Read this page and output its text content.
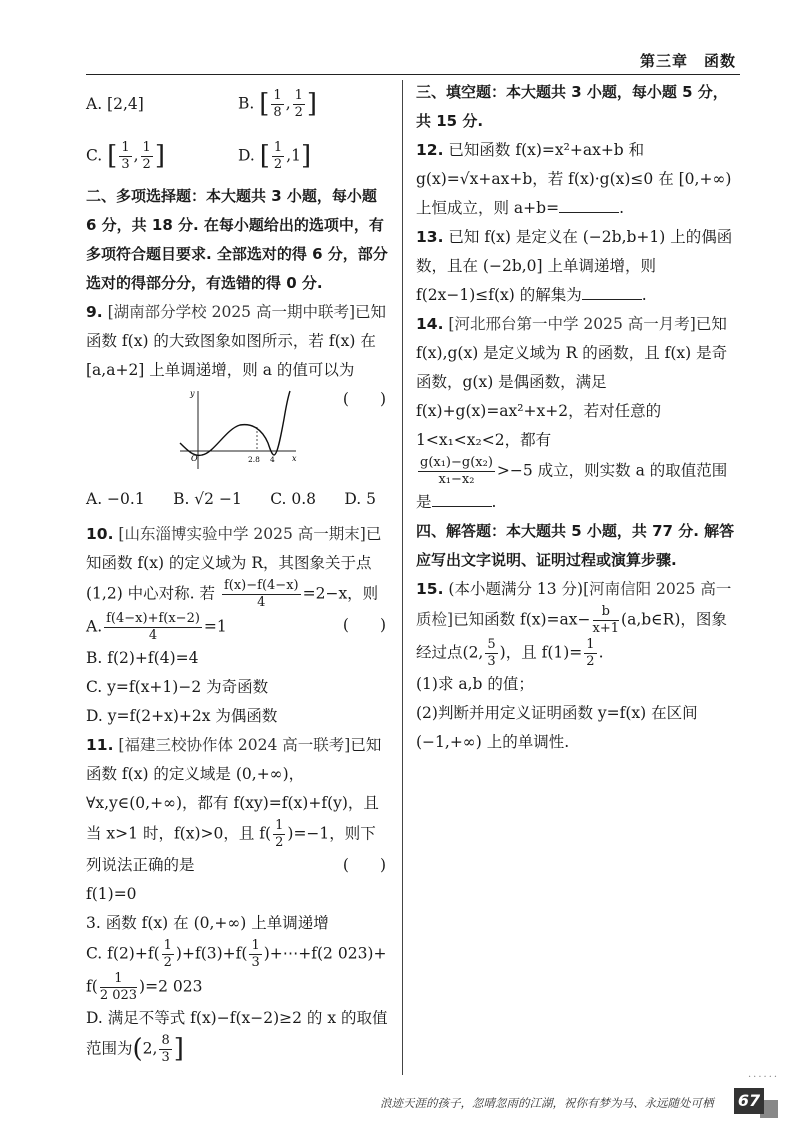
第三章　函数
A. [2,4]	B. [ $\frac{1}{8}$ , $\frac{1}{2}$ ]
C. [ $\frac{1}{3}$ , $\frac{1}{2}$ ]	D. [ $\frac{1}{2} ,1$]

二、多项选择题：本大题共 3 小题，每小题 6 分，共 18 分. 在每小题给出的选项中，有多项符合题目要求. 全部选对的得 6 分，部分选对的得部分分，有选错的得 0 分.

9. [湖南部分学校 2025 高一期中联考]已知函数 f(x) 的大致图象如图所示，若 f(x) 在 [a,a+2] 上单调递增，则 a 的值可以为
(　　)

y
x
O	2.8 4
A. −0.1 B. √2 −1 C. 0.8 D. 5

10. [山东淄博实验中学 2025 高一期末]已知函数 f(x) 的定义域为 R，其图象关于点 (1,2) 中心对称. 若 $\frac{f(x)-f(4-x)}{4} =2-x$，则
(　　)

A. $\frac{f(4-x)+f(x-2)}{4} =1$

B. f(2)+f(4)=4

C. y=f(x+1)−2 为奇函数

D. y=f(2+x)+2x 为偶函数

11. [福建三校协作体 2024 高一联考]已知函数 f(x) 的定义域是 (0,+∞)，∀x,y∈(0,+∞)，都有 f(xy)=f(x)+f(y)，且当 x>1 时，f(x)>0，且 $f( \frac{1}{2} )=-1$，则下列说法正确的是	(　　)

f(1)=0

3. 函数 f(x) 在 (0,+∞) 上单调递增

C. $f(2)+f( \frac{1}{2} )+f(3)+f( \frac{1}{3}$ )+⋯+f(2 023)+
$f( \frac{1}{2 023} )=2$ 023

D. 满足不等式 f(x)−f(x−2)≥2 的 x 的取值
范围为(2, $\frac{8}{3}$ ]

三、填空题：本大题共 3 小题，每小题 5 分，共 15 分.

12. 已知函数 f(x)=x²+ax+b 和 g(x)=√x+ax+b，若 f(x)·g(x)≤0 在 [0,+∞) 上恒成立，则 a+b=	.

13. 已知 f(x) 是定义在 (−2b,b+1) 上的偶函数，且在 (−2b,0] 上单调递增，则 f(2x−1)≤f(x) 的解集为	.

14. [河北邢台第一中学 2025 高一月考]已知 f(x),g(x) 是定义域为 R 的函数，且 f(x) 是奇函数，g(x) 是偶函数，满足 f(x)+g(x)=ax²+x+2，若对任意的 1<x₁<x₂<2，都有

$\frac{\text{g(x₁)−g(x₂)}}{\text{x₁−x₂}} >-5$ 成立，则实数 a 的取值范围是	.

四、解答题：本大题共 5 小题，共 77 分. 解答应写出文字说明、证明过程或演算步骤.

15. (本小题满分 13 分)[河南信阳 2025 高一质检]已知函数 $f(x)=ax- \frac{b}{x+1}$ (a,b∈R)，图象经过点(2, $\frac{5}{3}$ )，且 $f(1)= \frac{1}{2}$ .

(1)求 a,b 的值；

(2)判断并用定义证明函数 y=f(x) 在区间 (−1,+∞) 上的单调性.

浪迹天涯的孩子，忽晴忽雨的江湖，祝你有梦为马、永远随处可栖
······
67
